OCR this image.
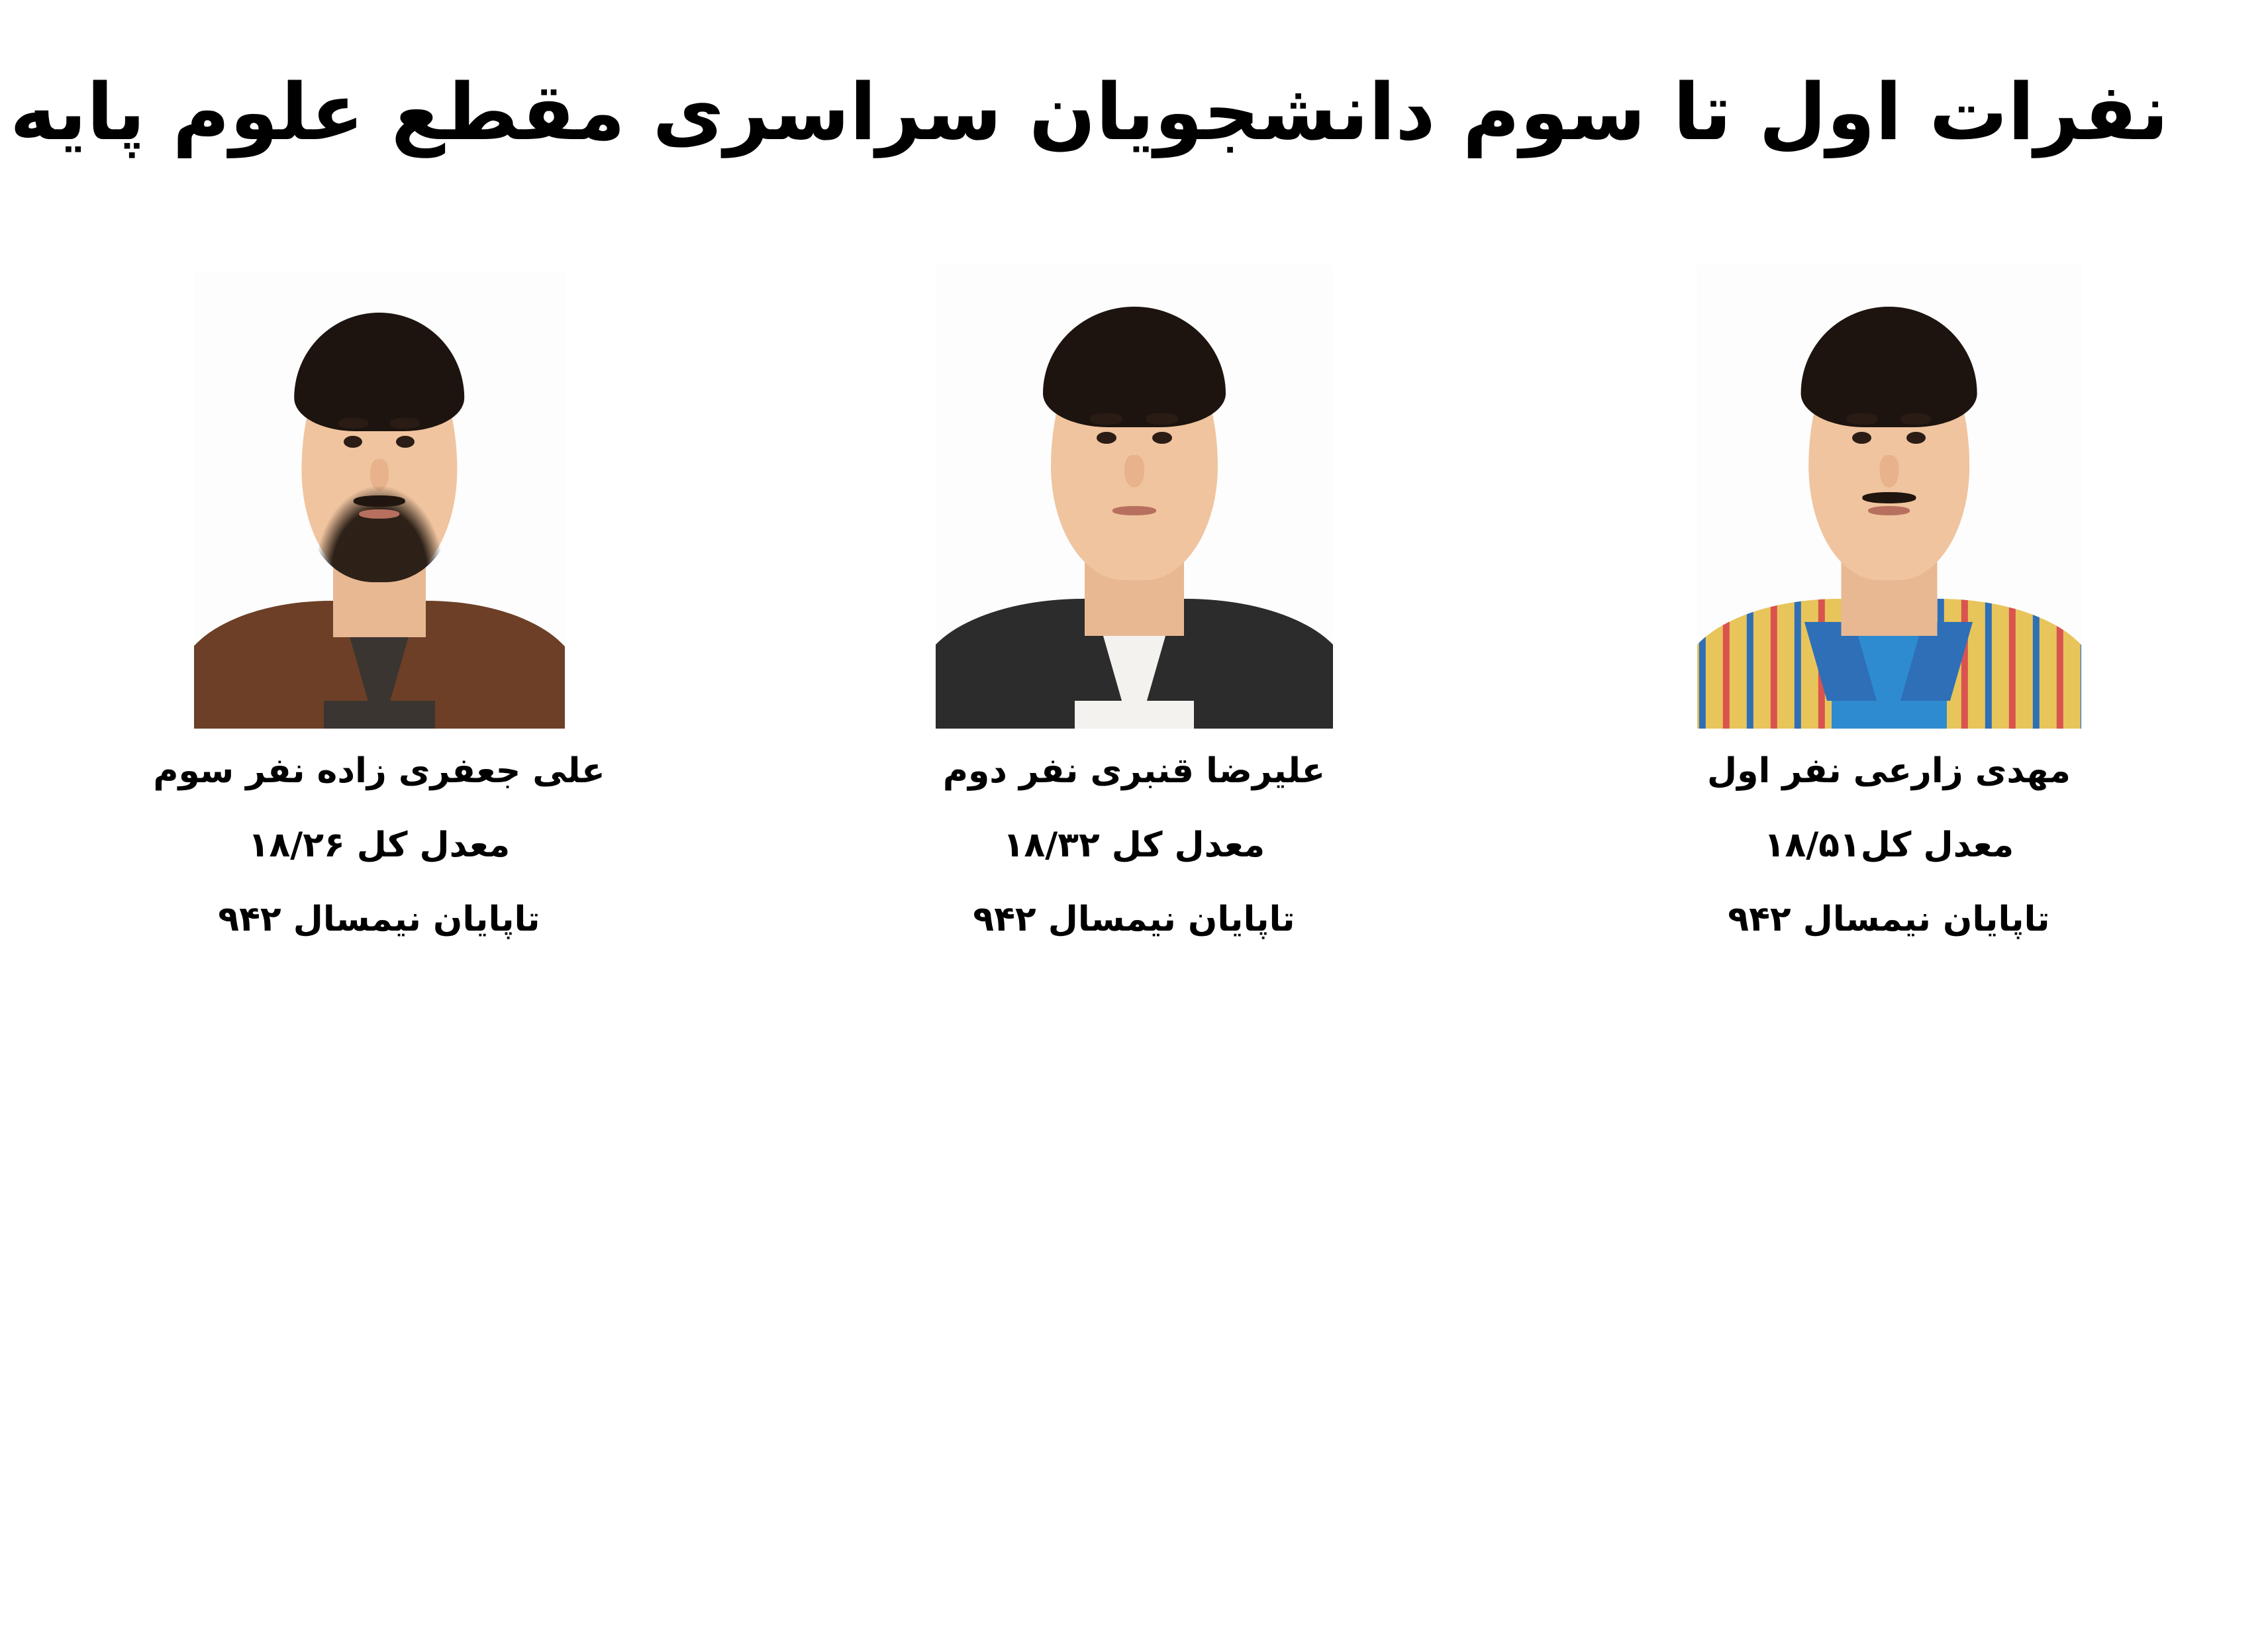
نفرات اول تا سوم دانشجویان سراسری مقطع علوم پایه
مهدی زارعی نفر اول
معدل کل۱۸/۵۱
تاپایان نیمسال ۹۴۲
علیرضا قنبری نفر دوم
معدل کل ۱۸/۳۲
تاپایان نیمسال ۹۴۲
علی جعفری زاده نفر سوم
معدل کل ۱۸/۲۶
تاپایان نیمسال ۹۴۲
